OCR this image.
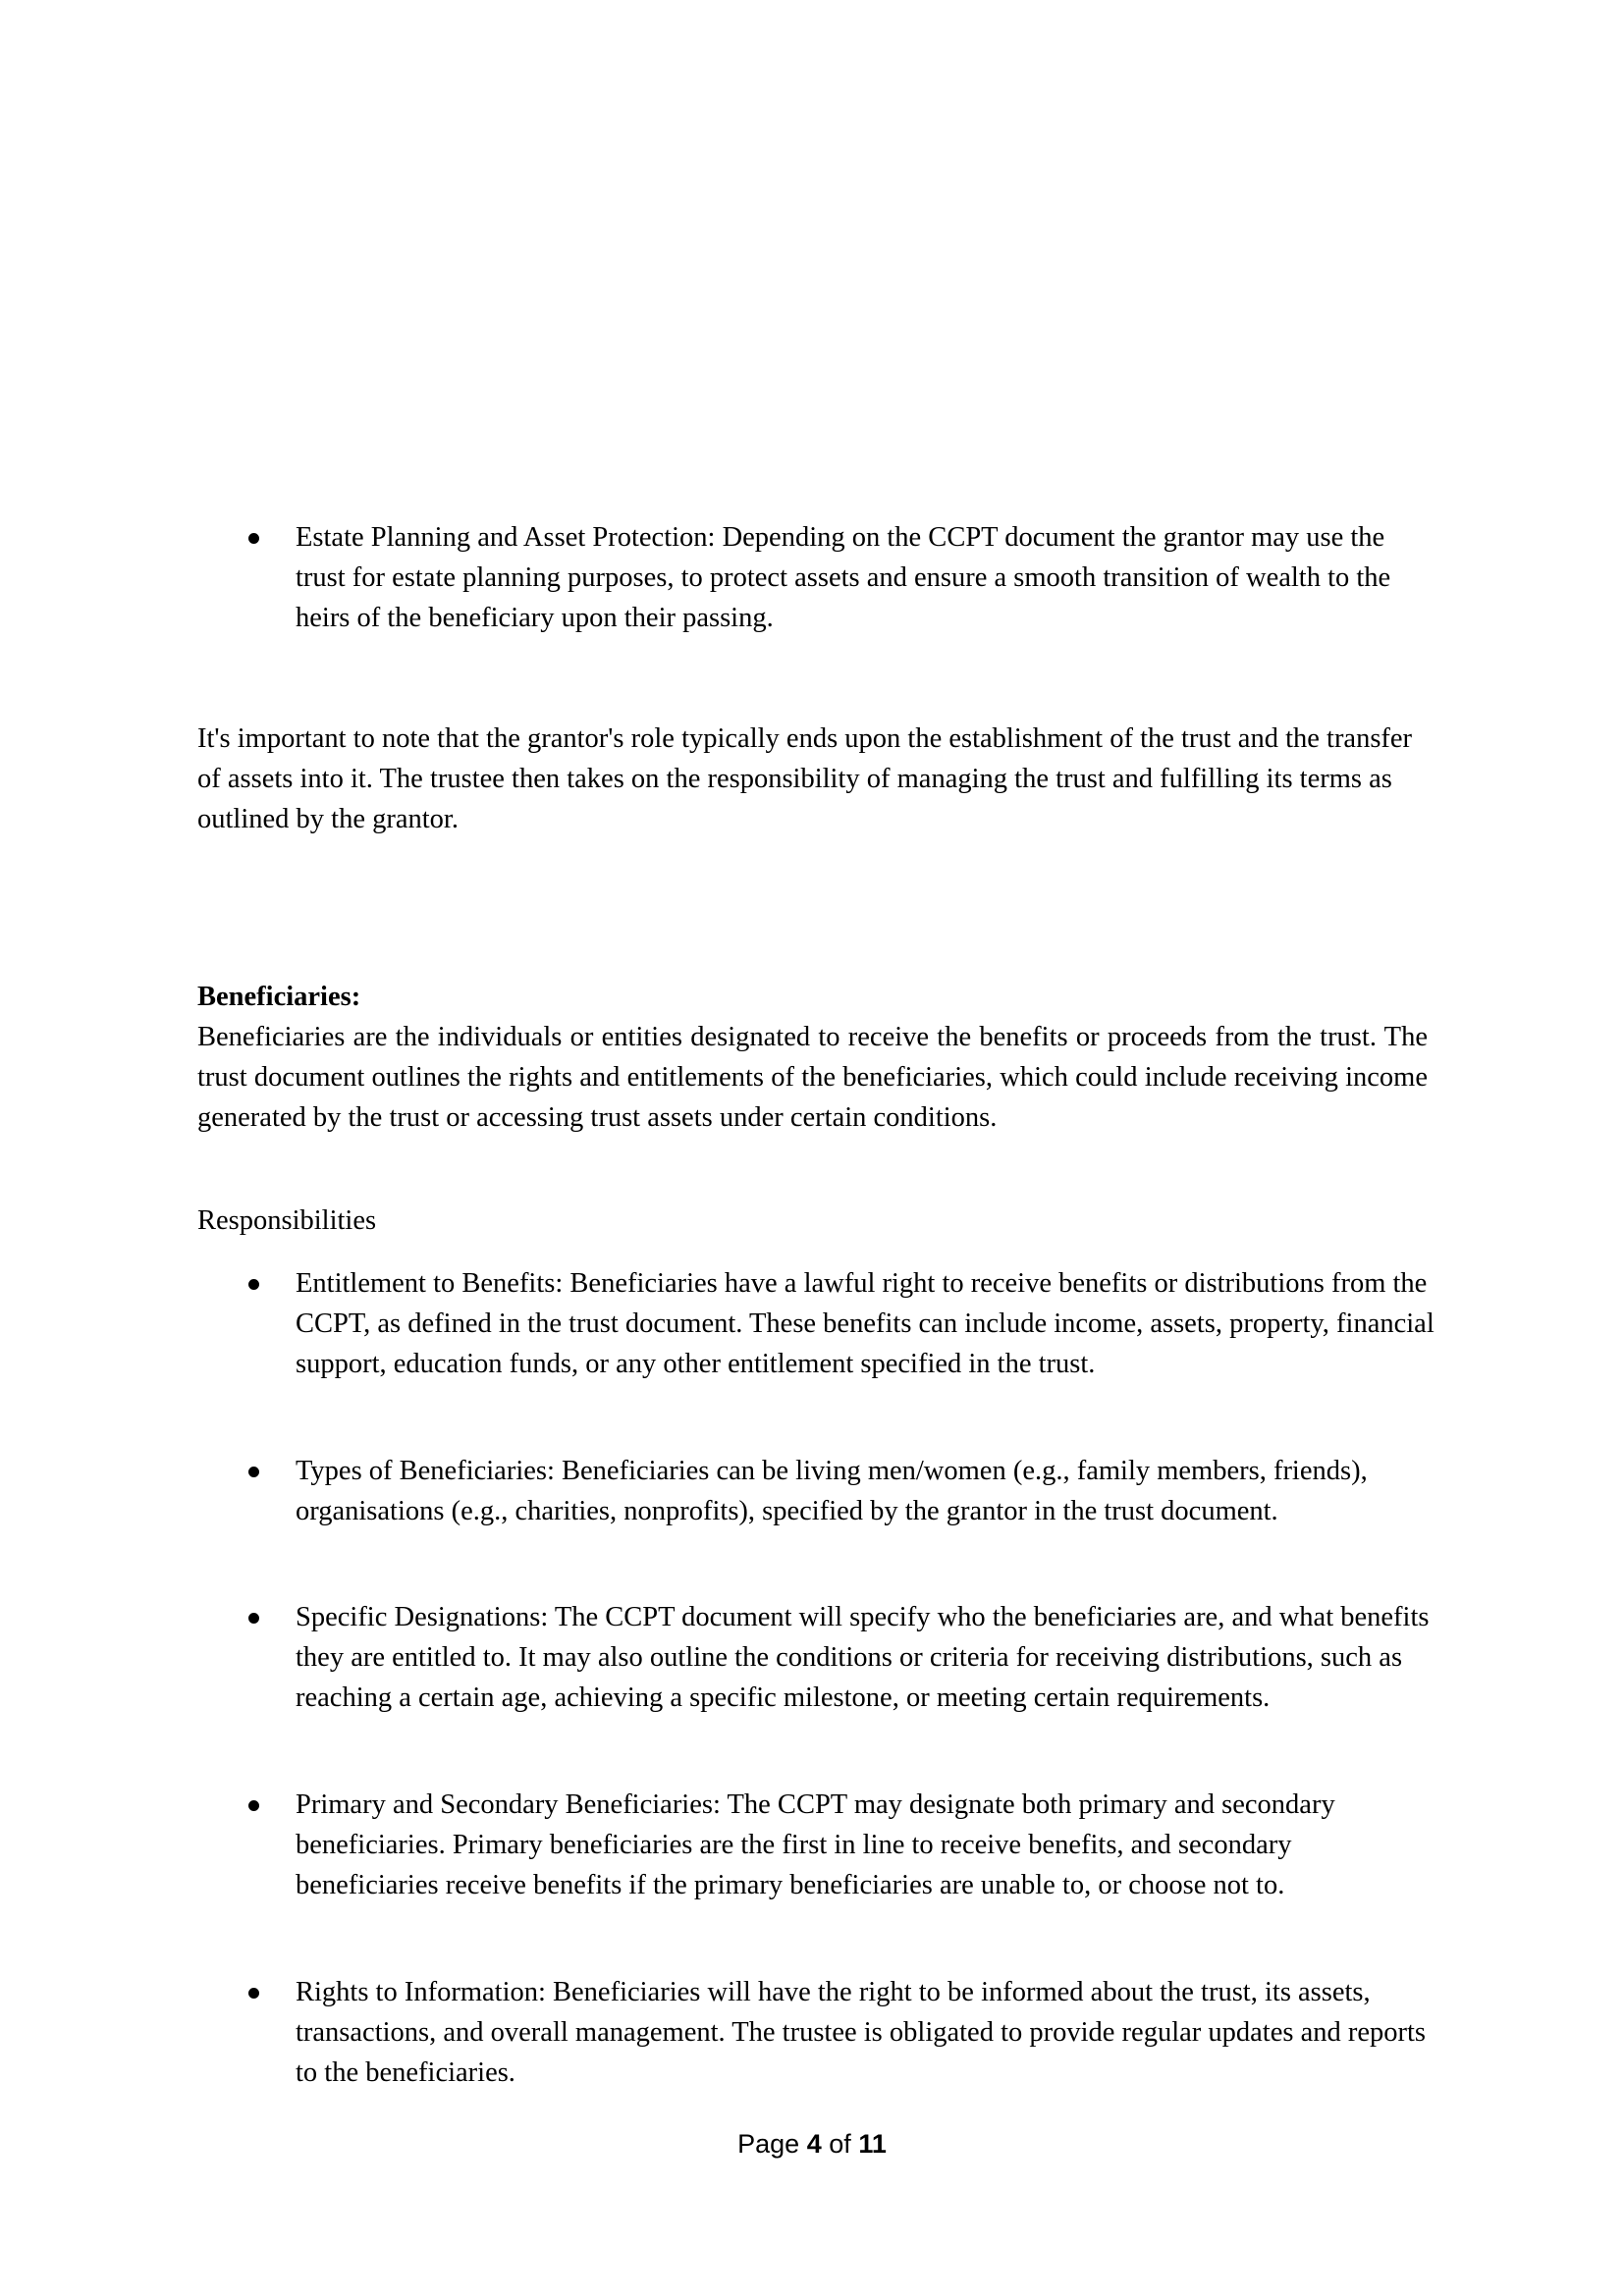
Estate Planning and Asset Protection: Depending on the CCPT document the grantor may use the trust for estate planning purposes, to protect assets and ensure a smooth transition of wealth to the heirs of the beneficiary upon their passing.

It's important to note that the grantor's role typically ends upon the establishment of the trust and the transfer of assets into it. The trustee then takes on the responsibility of managing the trust and fulfilling its terms as outlined by the grantor.

Beneficiaries:

Beneficiaries are the individuals or entities designated to receive the benefits or proceeds from the trust. The trust document outlines the rights and entitlements of the beneficiaries, which could include receiving income generated by the trust or accessing trust assets under certain conditions.

Responsibilities

Entitlement to Benefits: Beneficiaries have a lawful right to receive benefits or distributions from the CCPT, as defined in the trust document. These benefits can include income, assets, property, financial support, education funds, or any other entitlement specified in the trust.
Types of Beneficiaries: Beneficiaries can be living men/women (e.g., family members, friends), organisations (e.g., charities, nonprofits), specified by the grantor in the trust document.
Specific Designations: The CCPT document will specify who the beneficiaries are, and what benefits they are entitled to. It may also outline the conditions or criteria for receiving distributions, such as reaching a certain age, achieving a specific milestone, or meeting certain requirements.
Primary and Secondary Beneficiaries: The CCPT may designate both primary and secondary beneficiaries. Primary beneficiaries are the first in line to receive benefits, and secondary beneficiaries receive benefits if the primary beneficiaries are unable to, or choose not to.
Rights to Information: Beneficiaries will have the right to be informed about the trust, its assets, transactions, and overall management. The trustee is obligated to provide regular updates and reports to the beneficiaries.
Page 4 of 11
